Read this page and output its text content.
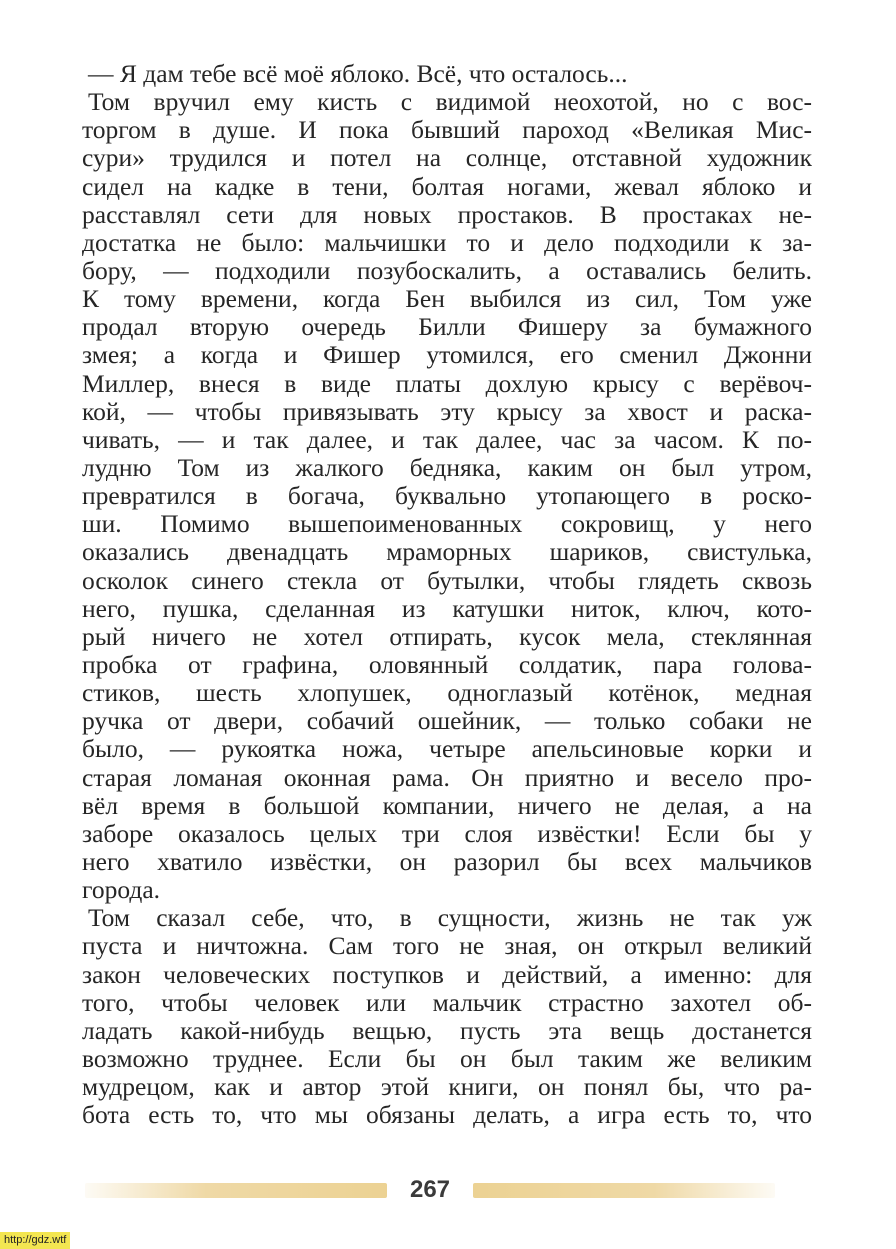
— Я дам тебе всё моё яблоко. Всё, что осталось...
Том вручил ему кисть с видимой неохотой, но с вос-
торгом в душе. И пока бывший пароход «Великая Мис-
сури» трудился и потел на солнце, отставной художник
сидел на кадке в тени, болтая ногами, жевал яблоко и
расставлял сети для новых простаков. В простаках не-
достатка не было: мальчишки то и дело подходили к за-
бору, — подходили позубоскалить, а оставались белить.
К тому времени, когда Бен выбился из сил, Том уже
продал вторую очередь Билли Фишеру за бумажного
змея; а когда и Фишер утомился, его сменил Джонни
Миллер, внеся в виде платы дохлую крысу с верёвоч-
кой, — чтобы привязывать эту крысу за хвост и раска-
чивать, — и так далее, и так далее, час за часом. К по-
лудню Том из жалкого бедняка, каким он был утром,
превратился в богача, буквально утопающего в роско-
ши. Помимо вышепоименованных сокровищ, у него
оказались двенадцать мраморных шариков, свистулька,
осколок синего стекла от бутылки, чтобы глядеть сквозь
него, пушка, сделанная из катушки ниток, ключ, кото-
рый ничего не хотел отпирать, кусок мела, стеклянная
пробка от графина, оловянный солдатик, пара голова-
стиков, шесть хлопушек, одноглазый котёнок, медная
ручка от двери, собачий ошейник, — только собаки не
было, — рукоятка ножа, четыре апельсиновые корки и
старая ломаная оконная рама. Он приятно и весело про-
вёл время в большой компании, ничего не делая, а на
заборе оказалось целых три слоя извёстки! Если бы у
него хватило извёстки, он разорил бы всех мальчиков
города.
Том сказал себе, что, в сущности, жизнь не так уж
пуста и ничтожна. Сам того не зная, он открыл великий
закон человеческих поступков и действий, а именно: для
того, чтобы человек или мальчик страстно захотел об-
ладать какой-нибудь вещью, пусть эта вещь достанется
возможно труднее. Если бы он был таким же великим
мудрецом, как и автор этой книги, он понял бы, что ра-
бота есть то, что мы обязаны делать, а игра есть то, что
267
http://gdz.wtf
